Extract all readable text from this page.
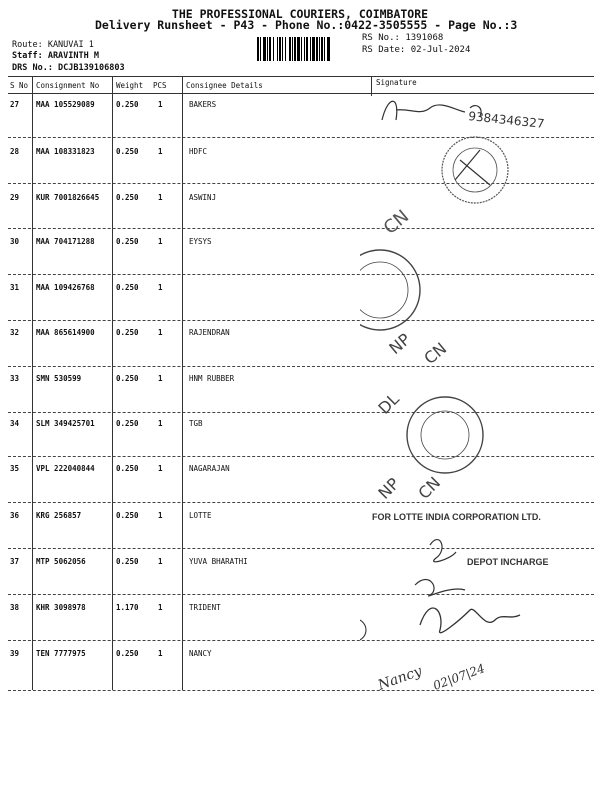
THE PROFESSIONAL COURIERS, COIMBATORE
Delivery Runsheet - P43 - Phone No.:0422-3505555 - Page No.:3
Route: KANUVAI 1
Staff: ARAVINTH M
DRS No.: DCJB139106803
RS No.: 1391068
RS Date: 02-Jul-2024
S No Consignment No Weight PCS	Consignee Details	Signature
27 MAA 105529089	0.250	1	BAKERS
28 MAA 108331823	0.250	1	HDFC
29 KUR 7001826645 0.250	1	ASWINJ
30 MAA 704171288	0.250	1	EYSYS
31 MAA 109426768	0.250	1
32 MAA 865614900	0.250	1	RAJENDRAN
33 SMN 530599	0.250	1	HNM RUBBER
34 SLM 349425701	0.250	1	TGB
35 VPL 222040844	0.250	1	NAGARAJAN
36 KRG 256857	0.250	1	LOTTE
37 MTP 5062056	0.250	1	YUVA BHARATHI
38 KHR 3098978	1.170	1	TRIDENT
39 TEN 7777975	0.250	1	NANCY
9384346327
CN
NP CN
DL
NP CN
Nancy 02|07|24
FOR LOTTE INDIA CORPORATION LTD.
DEPOT INCHARGE
